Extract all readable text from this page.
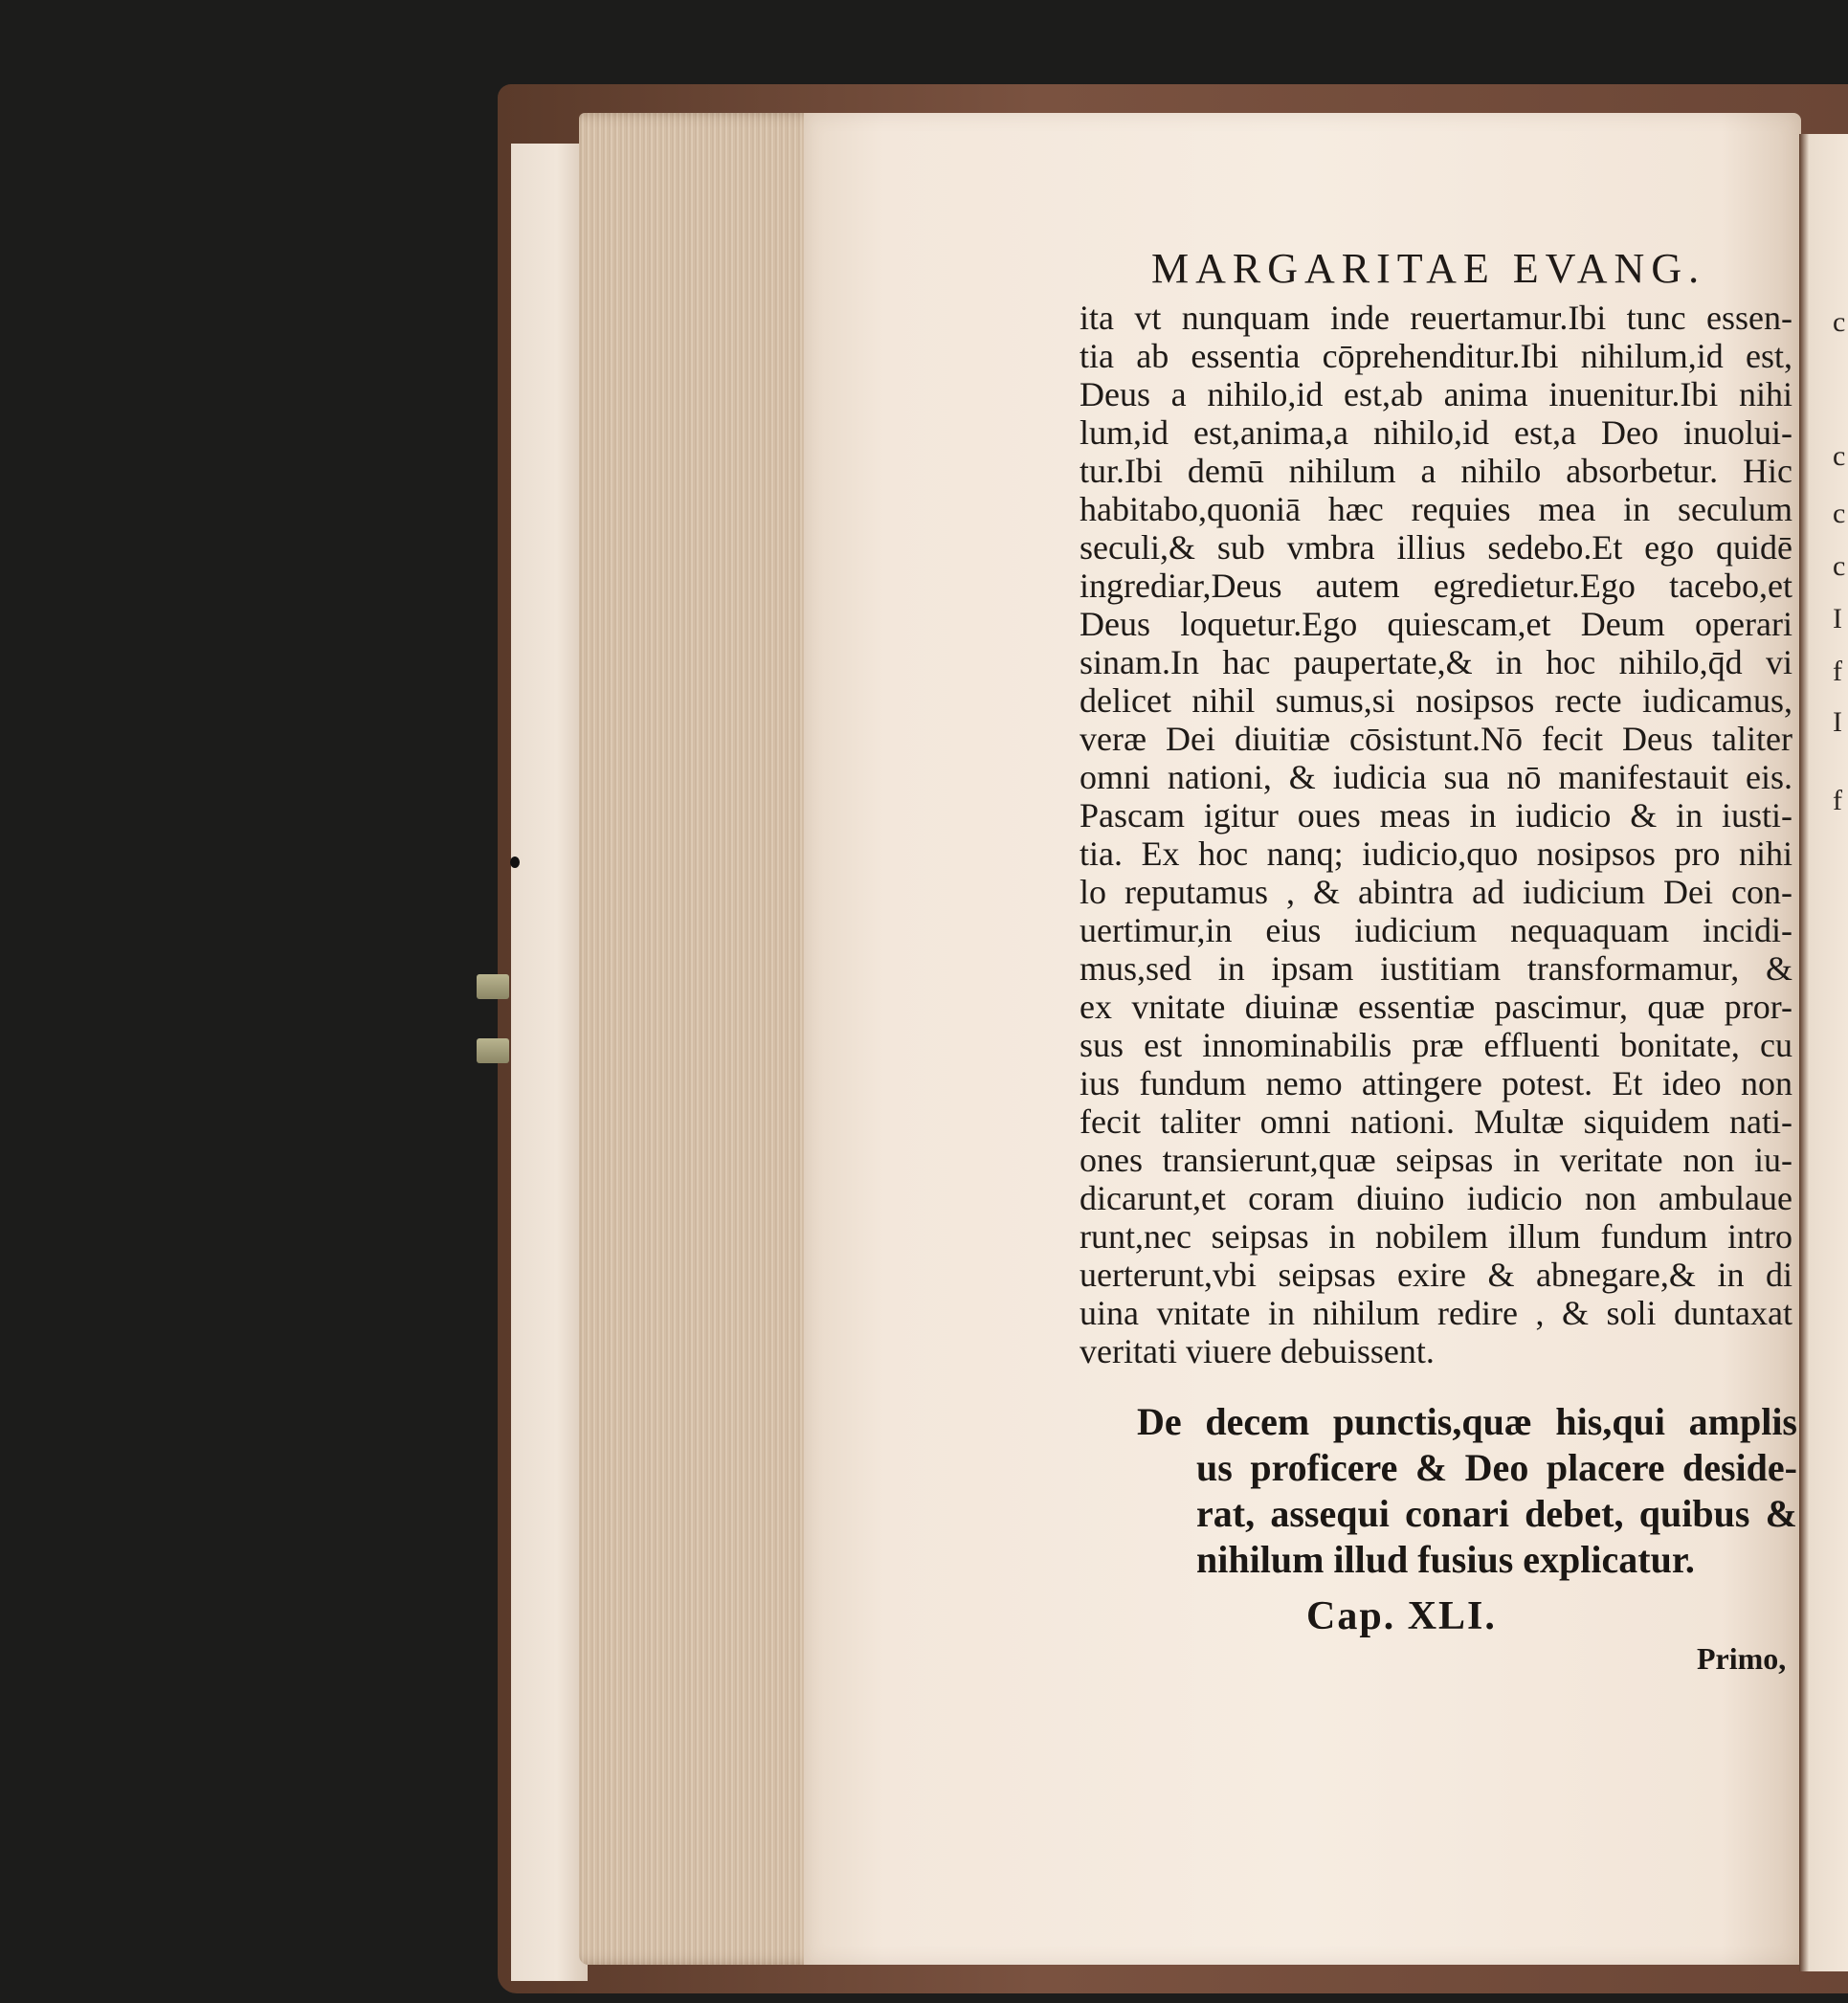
MARGARITAE EVANG.
ita vt nunquam inde reuertamur.Ibi tunc essen-
tia ab essentia cōprehenditur.Ibi nihilum,id est,
Deus a nihilo,id est,ab anima inuenitur.Ibi nihi
lum,id est,anima,a nihilo,id est,a Deo inuolui-
tur.Ibi demū nihilum a nihilo absorbetur. Hic
habitabo,quoniā hæc requies mea in seculum
seculi,& sub vmbra illius sedebo.Et ego quidē
ingrediar,Deus autem egredietur.Ego tacebo,et
Deus loquetur.Ego quiescam,et Deum operari
sinam.In hac paupertate,& in hoc nihilo,q̄d vi
delicet nihil sumus,si nosipsos recte iudicamus,
veræ Dei diuitiæ cōsistunt.Nō fecit Deus taliter
omni nationi, & iudicia sua nō manifestauit eis.
Pascam igitur oues meas in iudicio & in iusti-
tia. Ex hoc nanq; iudicio,quo nosipsos pro nihi
lo reputamus , & abintra ad iudicium Dei con-
uertimur,in eius iudicium nequaquam incidi-
mus,sed in ipsam iustitiam transformamur, &
ex vnitate diuinæ essentiæ pascimur, quæ pror-
sus est innominabilis præ effluenti bonitate, cu
ius fundum nemo attingere potest. Et ideo non
fecit taliter omni nationi. Multæ siquidem nati-
ones transierunt,quæ seipsas in veritate non iu-
dicarunt,et coram diuino iudicio non ambulaue
runt,nec seipsas in nobilem illum fundum intro
uerterunt,vbi seipsas exire & abnegare,& in di
uina vnitate in nihilum redire , & soli duntaxat
veritati viuere debuissent.
De decem punctis,quæ his,qui amplis
us proficere & Deo placere deside-
rat, assequi conari debet, quibus &
nihilum illud fusius explicatur.
Cap. XLI.
Primo,
c
c
c
c
I
f
I
f
